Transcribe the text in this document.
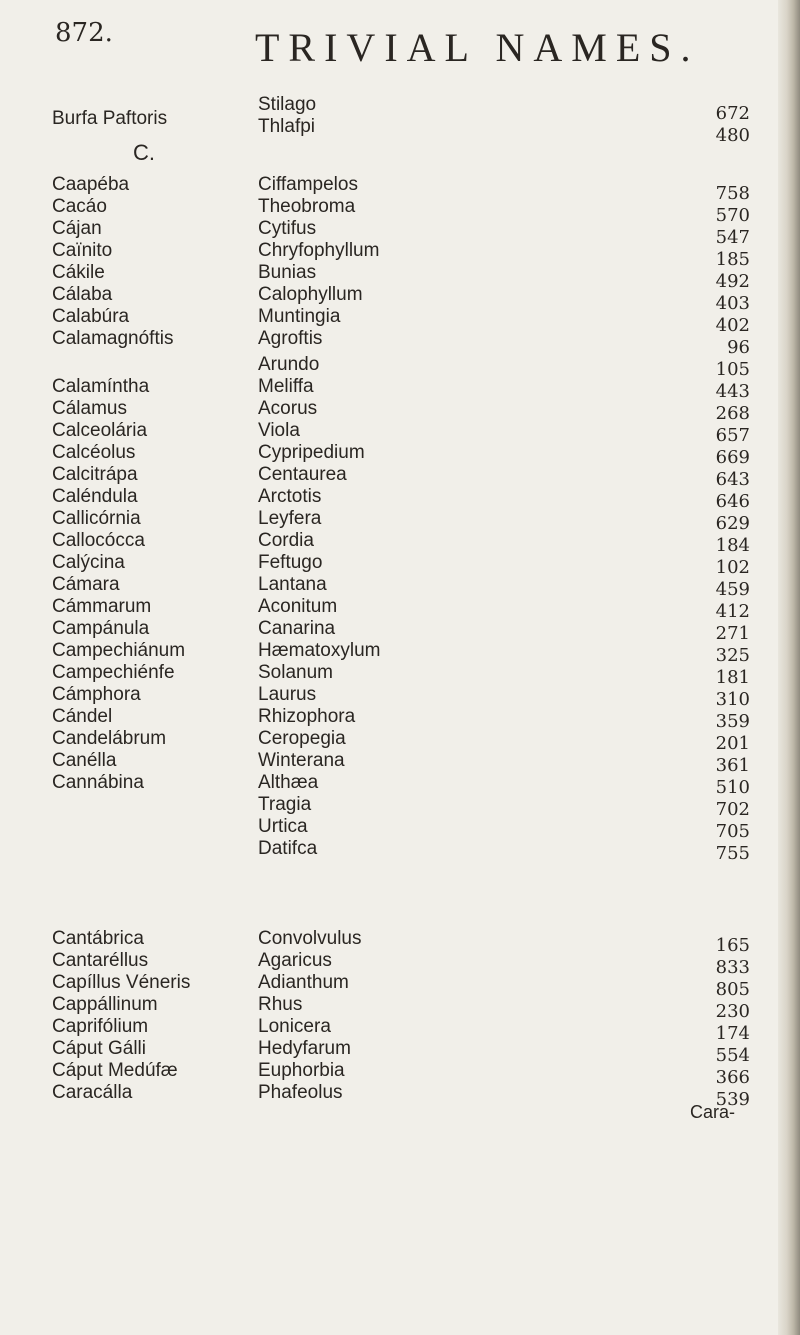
872.	TRIVIAL NAMES.
Burfa Paftoris
Stilago
Thlafpi
672
480
C.
Caapéba
Cacáo
Cájan
Caïnito
Cákile
Cálaba
Calabúra
Calamagnóftis
Ciffampelos
Theobroma
Cytifus
Chryfophyllum
Bunias
Calophyllum
Muntingia
Agroftis
758
570
547
185
492
403
402
96
Calamíntha
Cálamus
Calceolária
Calcéolus
Calcitrápa
Caléndula
Callicórnia
Callocócca
Calýcina
Cámara
Cámmarum
Campánula
Campechiánum
Campechiénfe
Cámphora
Cándel
Candelábrum
Canélla
Cannábina
Arundo
Meliffa
Acorus
Viola
Cypripedium
Centaurea
Arctotis
Leyfera
Cordia
Feftugo
Lantana
Aconitum
Canarina
Hæmatoxylum
Solanum
Laurus
Rhizophora
Ceropegia
Winterana
Althæa
Tragia
Urtica
Datifca
105
443
268
657
669
643
646
629
184
102
459
412
271
325
181
310
359
201
361
510
702
705
755
Cantábrica
Cantaréllus
Capíllus Véneris
Cappállinum
Caprifólium
Cáput Gálli
Cáput Medúfæ
Caracálla
Convolvulus
Agaricus
Adianthum
Rhus
Lonicera
Hedyfarum
Euphorbia
Phafeolus
165
833
805
230
174
554
366
539
Cara-
